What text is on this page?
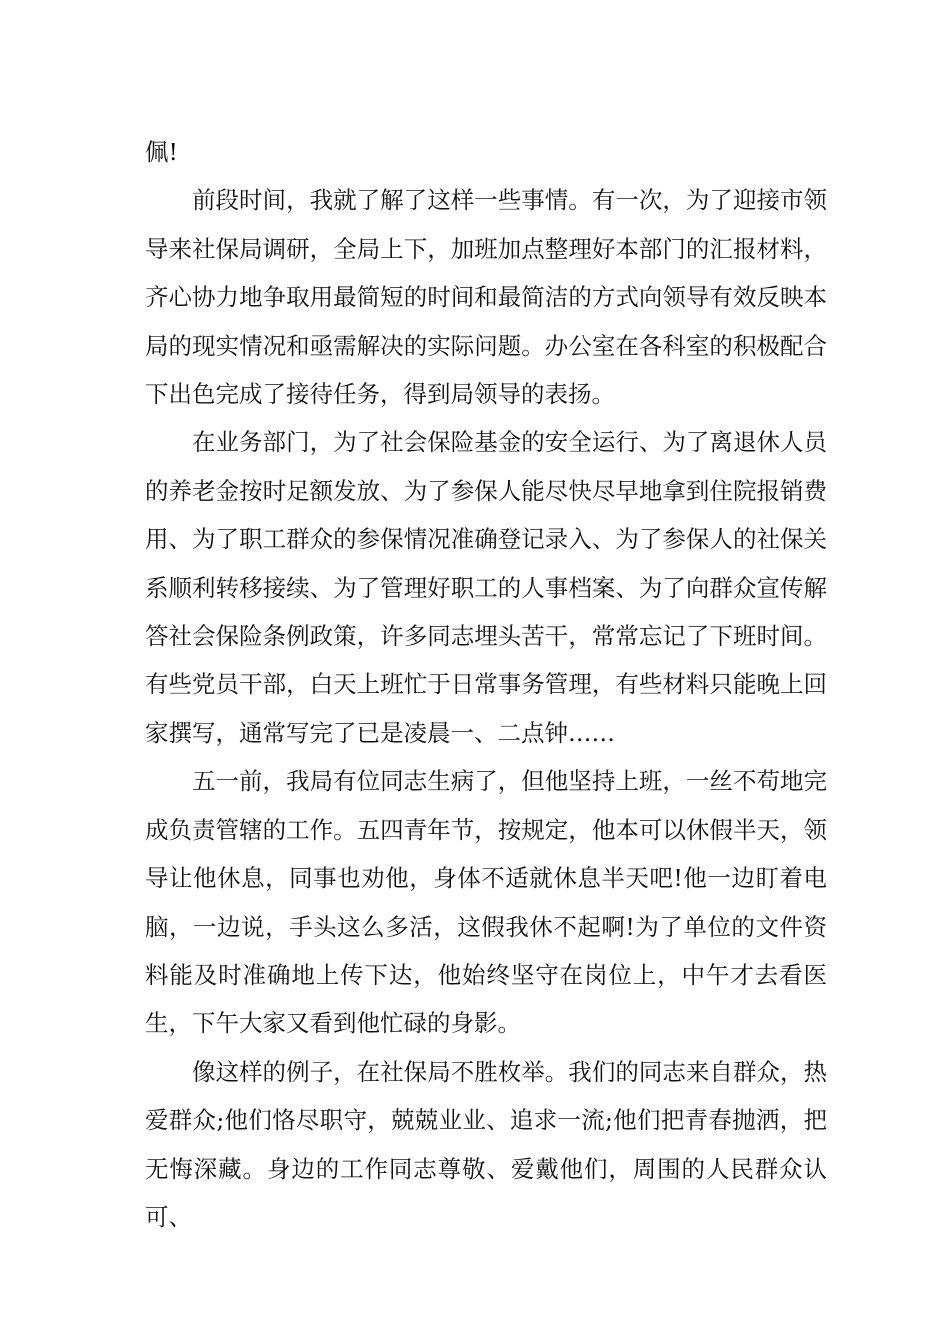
佩!

前段时间，我就了解了这样一些事情。有一次，为了迎接市领导来社保局调研，全局上下，加班加点整理好本部门的汇报材料，齐心协力地争取用最简短的时间和最简洁的方式向领导有效反映本局的现实情况和亟需解决的实际问题。办公室在各科室的积极配合下出色完成了接待任务，得到局领导的表扬。

在业务部门，为了社会保险基金的安全运行、为了离退休人员的养老金按时足额发放、为了参保人能尽快尽早地拿到住院报销费用、为了职工群众的参保情况准确登记录入、为了参保人的社保关系顺利转移接续、为了管理好职工的人事档案、为了向群众宣传解答社会保险条例政策，许多同志埋头苦干，常常忘记了下班时间。有些党员干部，白天上班忙于日常事务管理，有些材料只能晚上回家撰写，通常写完了已是凌晨一、二点钟……

五一前，我局有位同志生病了，但他坚持上班，一丝不苟地完成负责管辖的工作。五四青年节，按规定，他本可以休假半天，领导让他休息，同事也劝他，身体不适就休息半天吧!他一边盯着电脑，一边说，手头这么多活，这假我休不起啊!为了单位的文件资料能及时准确地上传下达，他始终坚守在岗位上，中午才去看医生，下午大家又看到他忙碌的身影。

像这样的例子，在社保局不胜枚举。我们的同志来自群众，热爱群众;他们恪尽职守，兢兢业业、追求一流;他们把青春抛洒，把无悔深藏。身边的工作同志尊敬、爱戴他们，周围的人民群众认可、
